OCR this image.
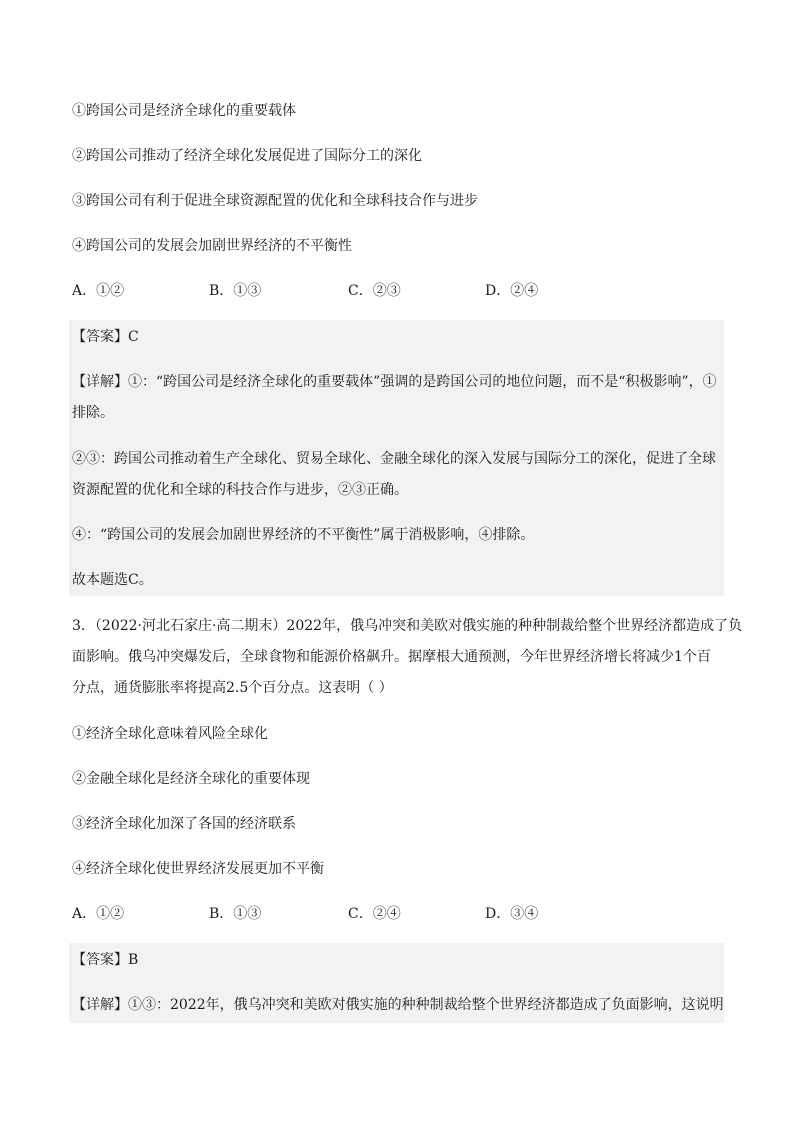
①跨国公司是经济全球化的重要载体
②跨国公司推动了经济全球化发展促进了国际分工的深化
③跨国公司有利于促进全球资源配置的优化和全球科技合作与进步
④跨国公司的发展会加剧世界经济的不平衡性
A．①②	B．①③	C．②③	D．②④
【答案】C
【详解】①：“跨国公司是经济全球化的重要载体”强调的是跨国公司的地位问题，而不是“积极影响”，①
排除。
②③：跨国公司推动着生产全球化、贸易全球化、金融全球化的深入发展与国际分工的深化，促进了全球
资源配置的优化和全球的科技合作与进步，②③正确。
④：“跨国公司的发展会加剧世界经济的不平衡性”属于消极影响，④排除。
故本题选C。
3．（2022·河北石家庄·高二期末）2022年，俄乌冲突和美欧对俄实施的种种制裁给整个世界经济都造成了负
面影响。俄乌冲突爆发后，全球食物和能源价格飙升。据摩根大通预测，今年世界经济增长将减少1个百
分点，通货膨胀率将提高2.5个百分点。这表明（ ）
①经济全球化意味着风险全球化
②金融全球化是经济全球化的重要体现
③经济全球化加深了各国的经济联系
④经济全球化使世界经济发展更加不平衡
A．①②	B．①③	C．②④	D．③④
【答案】B
【详解】①③：2022年，俄乌冲突和美欧对俄实施的种种制裁给整个世界经济都造成了负面影响，这说明
